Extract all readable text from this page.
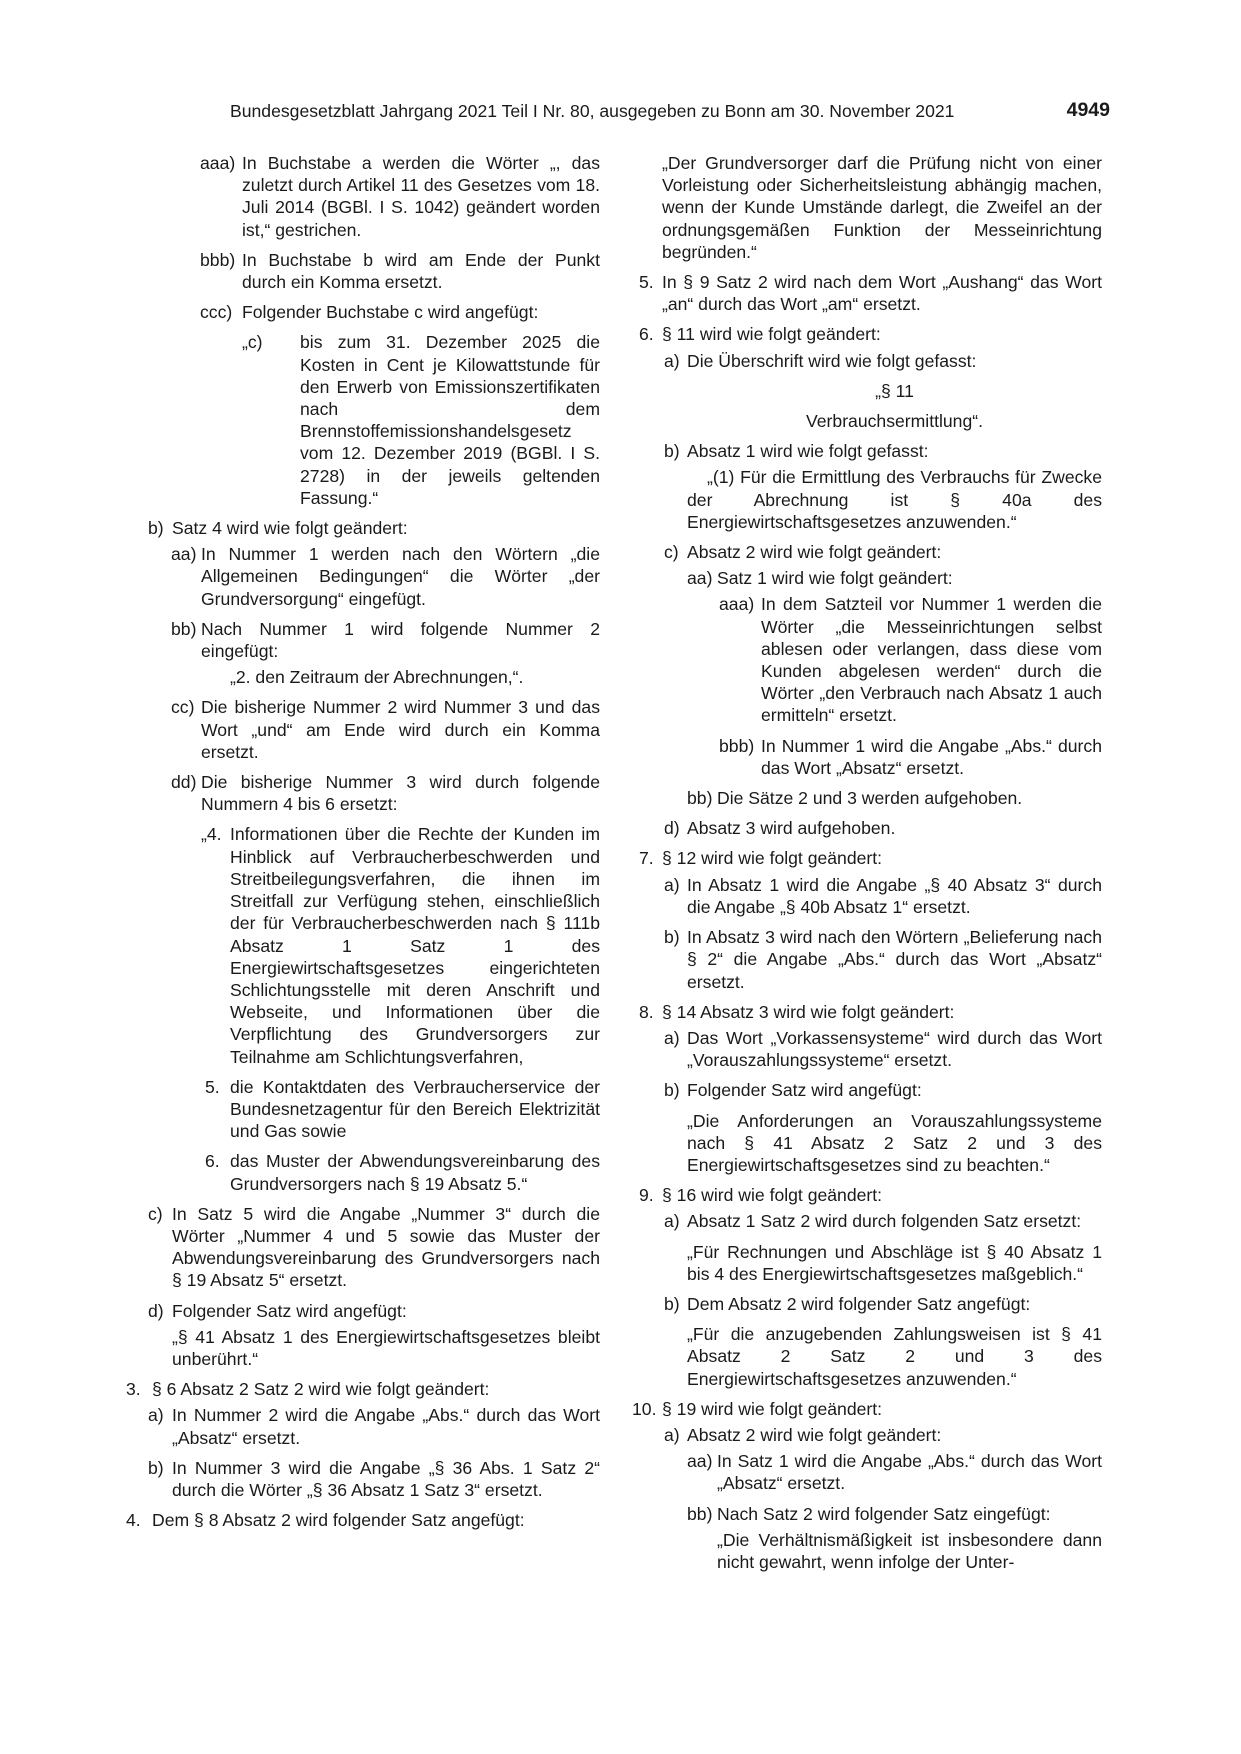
Bundesgesetzblatt Jahrgang 2021 Teil I Nr. 80, ausgegeben zu Bonn am 30. November 2021	4949
aaa) In Buchstabe a werden die Wörter „, das zuletzt durch Artikel 11 des Gesetzes vom 18. Juli 2014 (BGBl. I S. 1042) geändert worden ist,“ gestrichen.
bbb) In Buchstabe b wird am Ende der Punkt durch ein Komma ersetzt.
ccc) Folgender Buchstabe c wird angefügt:
„c) bis zum 31. Dezember 2025 die Kosten in Cent je Kilowattstunde für den Erwerb von Emissionszertifikaten nach dem Brennstoffemissionshandelsgesetz vom 12. Dezember 2019 (BGBl. I S. 2728) in der jeweils geltenden Fassung.“
b) Satz 4 wird wie folgt geändert:
aa) In Nummer 1 werden nach den Wörtern „die Allgemeinen Bedingungen“ die Wörter „der Grundversorgung“ eingefügt.
bb) Nach Nummer 1 wird folgende Nummer 2 eingefügt:

„2. den Zeitraum der Abrechnungen,“.

cc) Die bisherige Nummer 2 wird Nummer 3 und das Wort „und“ am Ende wird durch ein Komma ersetzt.
dd) Die bisherige Nummer 3 wird durch folgende Nummern 4 bis 6 ersetzt:
„4. Informationen über die Rechte der Kunden im Hinblick auf Verbraucherbeschwerden und Streitbeilegungsverfahren, die ihnen im Streitfall zur Verfügung stehen, einschließlich der für Verbraucherbeschwerden nach § 111b Absatz 1 Satz 1 des Energiewirtschaftsgesetzes eingerichteten Schlichtungsstelle mit deren Anschrift und Webseite, und Informationen über die Verpflichtung des Grundversorgers zur Teilnahme am Schlichtungsverfahren,
5. die Kontaktdaten des Verbraucherservice der Bundesnetzagentur für den Bereich Elektrizität und Gas sowie
6. das Muster der Abwendungsvereinbarung des Grundversorgers nach § 19 Absatz 5.“
c) In Satz 5 wird die Angabe „Nummer 3“ durch die Wörter „Nummer 4 und 5 sowie das Muster der Abwendungsvereinbarung des Grundversorgers nach § 19 Absatz 5“ ersetzt.
d) Folgender Satz wird angefügt:

„§ 41 Absatz 1 des Energiewirtschaftsgesetzes bleibt unberührt.“

3. § 6 Absatz 2 Satz 2 wird wie folgt geändert:
a) In Nummer 2 wird die Angabe „Abs.“ durch das Wort „Absatz“ ersetzt.
b) In Nummer 3 wird die Angabe „§ 36 Abs. 1 Satz 2“ durch die Wörter „§ 36 Absatz 1 Satz 3“ ersetzt.
4. Dem § 8 Absatz 2 wird folgender Satz angefügt:

„Der Grundversorger darf die Prüfung nicht von einer Vorleistung oder Sicherheitsleistung abhängig machen, wenn der Kunde Umstände darlegt, die Zweifel an der ordnungsgemäßen Funktion der Messeinrichtung begründen.“

5. In § 9 Satz 2 wird nach dem Wort „Aushang“ das Wort „an“ durch das Wort „am“ ersetzt.
6. § 11 wird wie folgt geändert:
a) Die Überschrift wird wie folgt gefasst:

„§ 11

Verbrauchsermittlung“.

b) Absatz 1 wird wie folgt gefasst:

„(1) Für die Ermittlung des Verbrauchs für Zwecke der Abrechnung ist § 40a des Energiewirtschaftsgesetzes anzuwenden.“

c) Absatz 2 wird wie folgt geändert:
aa) Satz 1 wird wie folgt geändert:
aaa) In dem Satzteil vor Nummer 1 werden die Wörter „die Messeinrichtungen selbst ablesen oder verlangen, dass diese vom Kunden abgelesen werden“ durch die Wörter „den Verbrauch nach Absatz 1 auch ermitteln“ ersetzt.
bbb) In Nummer 1 wird die Angabe „Abs.“ durch das Wort „Absatz“ ersetzt.
bb) Die Sätze 2 und 3 werden aufgehoben.
d) Absatz 3 wird aufgehoben.
7. § 12 wird wie folgt geändert:
a) In Absatz 1 wird die Angabe „§ 40 Absatz 3“ durch die Angabe „§ 40b Absatz 1“ ersetzt.
b) In Absatz 3 wird nach den Wörtern „Belieferung nach § 2“ die Angabe „Abs.“ durch das Wort „Absatz“ ersetzt.
8. § 14 Absatz 3 wird wie folgt geändert:
a) Das Wort „Vorkassensysteme“ wird durch das Wort „Vorauszahlungssysteme“ ersetzt.
b) Folgender Satz wird angefügt:

„Die Anforderungen an Vorauszahlungssysteme nach § 41 Absatz 2 Satz 2 und 3 des Energiewirtschaftsgesetzes sind zu beachten.“

9. § 16 wird wie folgt geändert:
a) Absatz 1 Satz 2 wird durch folgenden Satz ersetzt:

„Für Rechnungen und Abschläge ist § 40 Absatz 1 bis 4 des Energiewirtschaftsgesetzes maßgeblich.“

b) Dem Absatz 2 wird folgender Satz angefügt:

„Für die anzugebenden Zahlungsweisen ist § 41 Absatz 2 Satz 2 und 3 des Energiewirtschaftsgesetzes anzuwenden.“

10. § 19 wird wie folgt geändert:
a) Absatz 2 wird wie folgt geändert:
aa) In Satz 1 wird die Angabe „Abs.“ durch das Wort „Absatz“ ersetzt.
bb) Nach Satz 2 wird folgender Satz eingefügt:

„Die Verhältnismäßigkeit ist insbesondere dann nicht gewahrt, wenn infolge der Unter-
